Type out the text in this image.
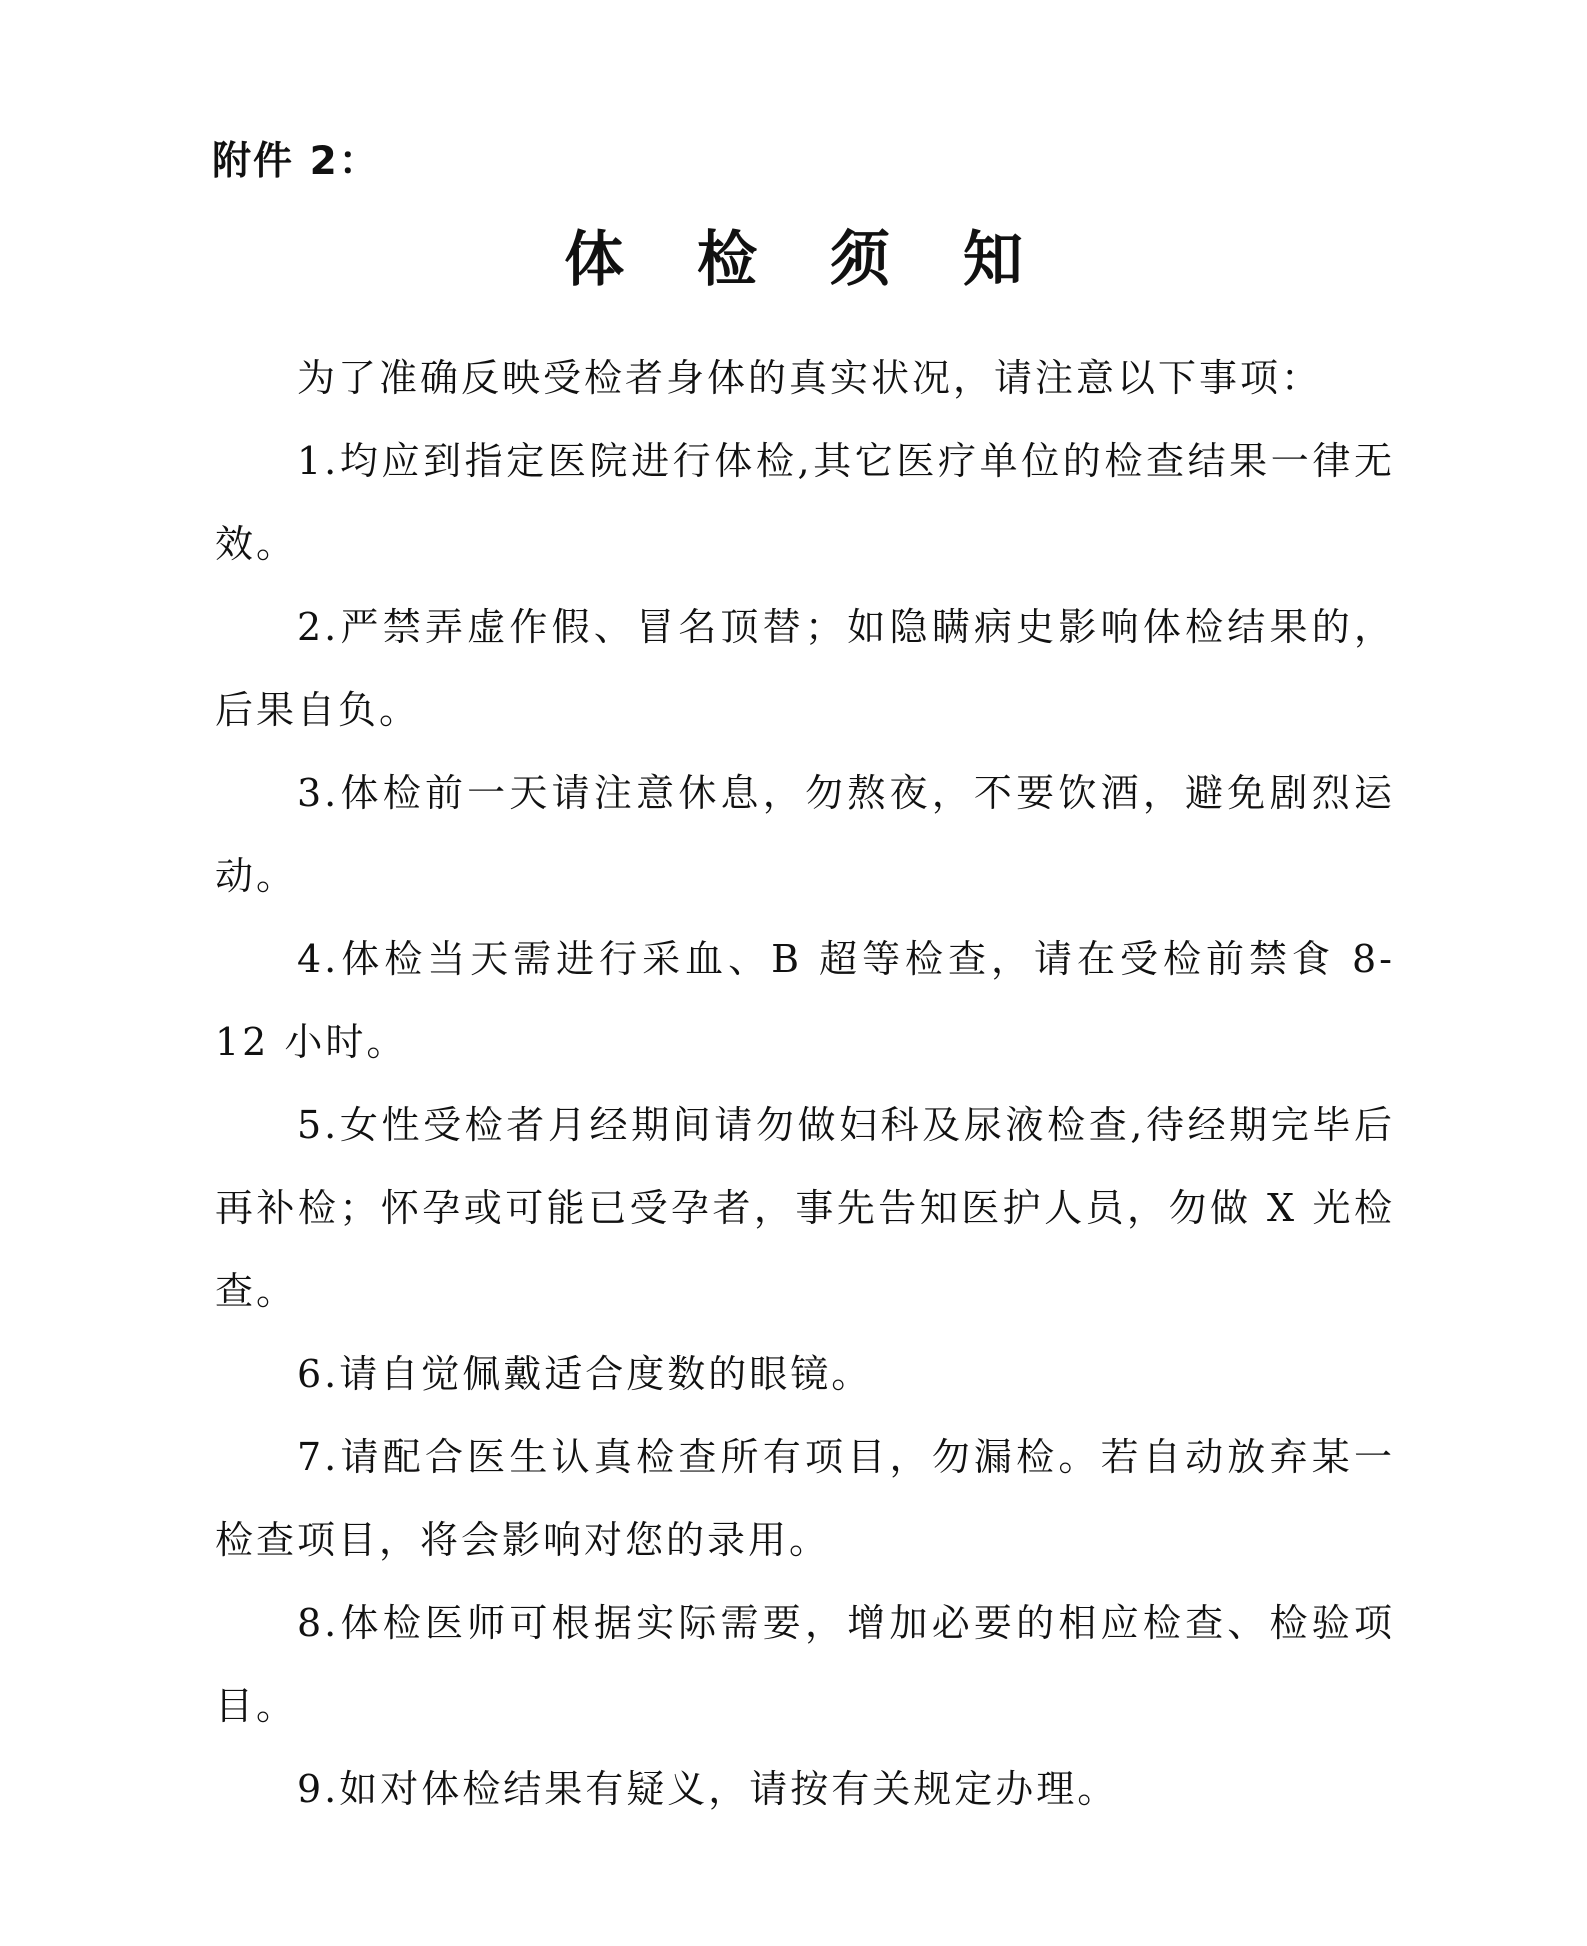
附件 2：
体 检 须 知

为了准确反映受检者身体的真实状况，请注意以下事项：

1.均应到指定医院进行体检,其它医疗单位的检查结果一律无效。

2.严禁弄虚作假、冒名顶替；如隐瞒病史影响体检结果的，后果自负。

3.体检前一天请注意休息，勿熬夜，不要饮酒，避免剧烈运动。

4.体检当天需进行采血、B 超等检查，请在受检前禁食 8-12 小时。

5.女性受检者月经期间请勿做妇科及尿液检查,待经期完毕后再补检；怀孕或可能已受孕者，事先告知医护人员，勿做 X 光检查。

6.请自觉佩戴适合度数的眼镜。

7.请配合医生认真检查所有项目，勿漏检。若自动放弃某一检查项目，将会影响对您的录用。

8.体检医师可根据实际需要，增加必要的相应检查、检验项目。

9.如对体检结果有疑义，请按有关规定办理。
